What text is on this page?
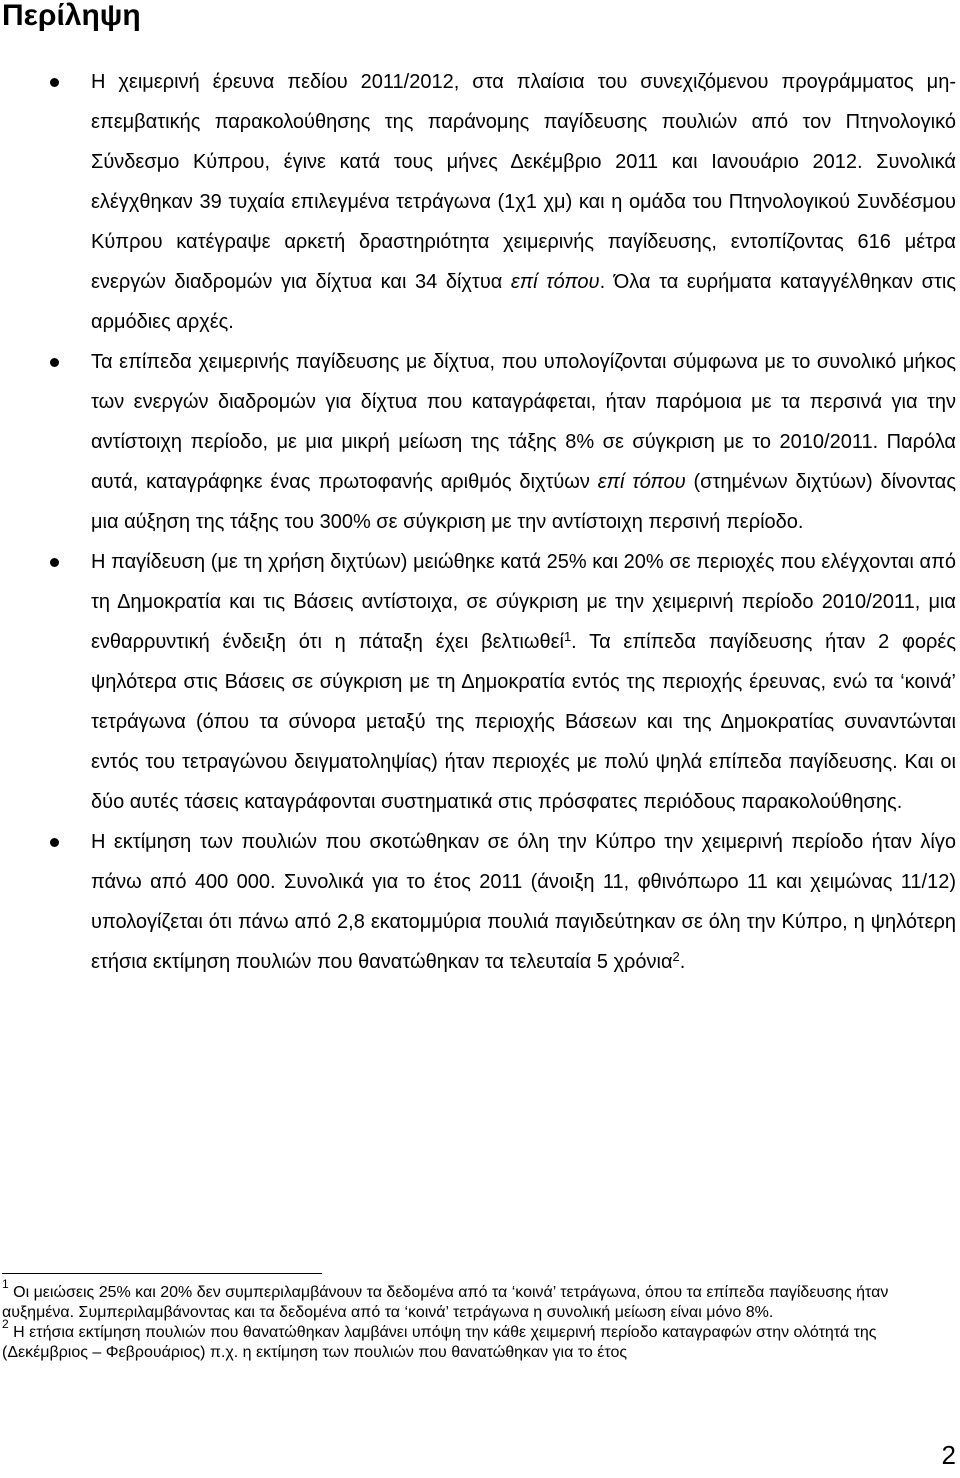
Περίληψη
Η χειμερινή έρευνα πεδίου 2011/2012, στα πλαίσια του συνεχιζόμενου προγράμματος μη-επεμβατικής παρακολούθησης της παράνομης παγίδευσης πουλιών από τον Πτηνολογικό Σύνδεσμο Κύπρου, έγινε κατά τους μήνες Δεκέμβριο 2011 και Ιανουάριο 2012. Συνολικά ελέγχθηκαν 39 τυχαία επιλεγμένα τετράγωνα (1χ1 χμ) και η ομάδα του Πτηνολογικού Συνδέσμου Κύπρου κατέγραψε αρκετή δραστηριότητα χειμερινής παγίδευσης, εντοπίζοντας 616 μέτρα ενεργών διαδρομών για δίχτυα και 34 δίχτυα επί τόπου. Όλα τα ευρήματα καταγγέλθηκαν στις αρμόδιες αρχές.
Τα επίπεδα χειμερινής παγίδευσης με δίχτυα, που υπολογίζονται σύμφωνα με το συνολικό μήκος των ενεργών διαδρομών για δίχτυα που καταγράφεται, ήταν παρόμοια με τα περσινά για την αντίστοιχη περίοδο, με μια μικρή μείωση της τάξης 8% σε σύγκριση με το 2010/2011. Παρόλα αυτά, καταγράφηκε ένας πρωτοφανής αριθμός διχτύων επί τόπου (στημένων διχτύων) δίνοντας μια αύξηση της τάξης του 300% σε σύγκριση με την αντίστοιχη περσινή περίοδο.
Η παγίδευση (με τη χρήση διχτύων) μειώθηκε κατά 25% και 20% σε περιοχές που ελέγχονται από τη Δημοκρατία και τις Βάσεις αντίστοιχα, σε σύγκριση με την χειμερινή περίοδο 2010/2011, μια ενθαρρυντική ένδειξη ότι η πάταξη έχει βελτιωθεί$^1$. Τα επίπεδα παγίδευσης ήταν 2 φορές ψηλότερα στις Βάσεις σε σύγκριση με τη Δημοκρατία εντός της περιοχής έρευνας, ενώ τα ‘κοινά’ τετράγωνα (όπου τα σύνορα μεταξύ της περιοχής Βάσεων και της Δημοκρατίας συναντώνται εντός του τετραγώνου δειγματοληψίας) ήταν περιοχές με πολύ ψηλά επίπεδα παγίδευσης. Και οι δύο αυτές τάσεις καταγράφονται συστηματικά στις πρόσφατες περιόδους παρακολούθησης.
Η εκτίμηση των πουλιών που σκοτώθηκαν σε όλη την Κύπρο την χειμερινή περίοδο ήταν λίγο πάνω από 400 000. Συνολικά για το έτος 2011 (άνοιξη 11, φθινόπωρο 11 και χειμώνας 11/12) υπολογίζεται ότι πάνω από 2,8 εκατομμύρια πουλιά παγιδεύτηκαν σε όλη την Κύπρο, η ψηλότερη ετήσια εκτίμηση πουλιών που θανατώθηκαν τα τελευταία 5 χρόνια$^2$.
$^1$ Οι μειώσεις 25% και 20% δεν συμπεριλαμβάνουν τα δεδομένα από τα ‘κοινά’ τετράγωνα, όπου τα επίπεδα παγίδευσης ήταν αυξημένα. Συμπεριλαμβάνοντας και τα δεδομένα από τα ‘κοινά’ τετράγωνα η συνολική μείωση είναι μόνο 8%.
$^2$ Η ετήσια εκτίμηση πουλιών που θανατώθηκαν λαμβάνει υπόψη την κάθε χειμερινή περίοδο καταγραφών στην ολότητά της (Δεκέμβριος – Φεβρουάριος) π.χ. η εκτίμηση των πουλιών που θανατώθηκαν για το έτος
2
